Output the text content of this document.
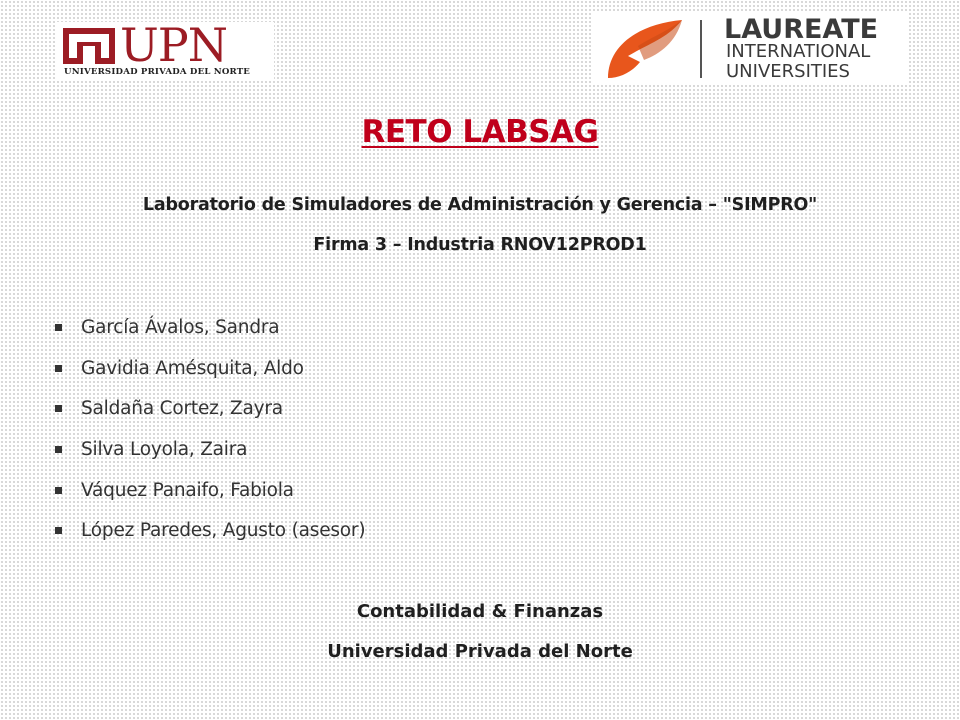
UPN
UNIVERSIDAD PRIVADA DEL NORTE
LAUREATE
INTERNATIONAL
UNIVERSITIES
RETO LABSAG
Laboratorio de Simuladores de Administración y Gerencia – "SIMPRO"
Firma 3 – Industria RNOV12PROD1
García Ávalos, Sandra
Gavidia Amésquita, Aldo
Saldaña Cortez, Zayra
Silva Loyola, Zaira
Váquez Panaifo, Fabiola
López Paredes, Agusto (asesor)
Contabilidad & Finanzas
Universidad Privada del Norte
